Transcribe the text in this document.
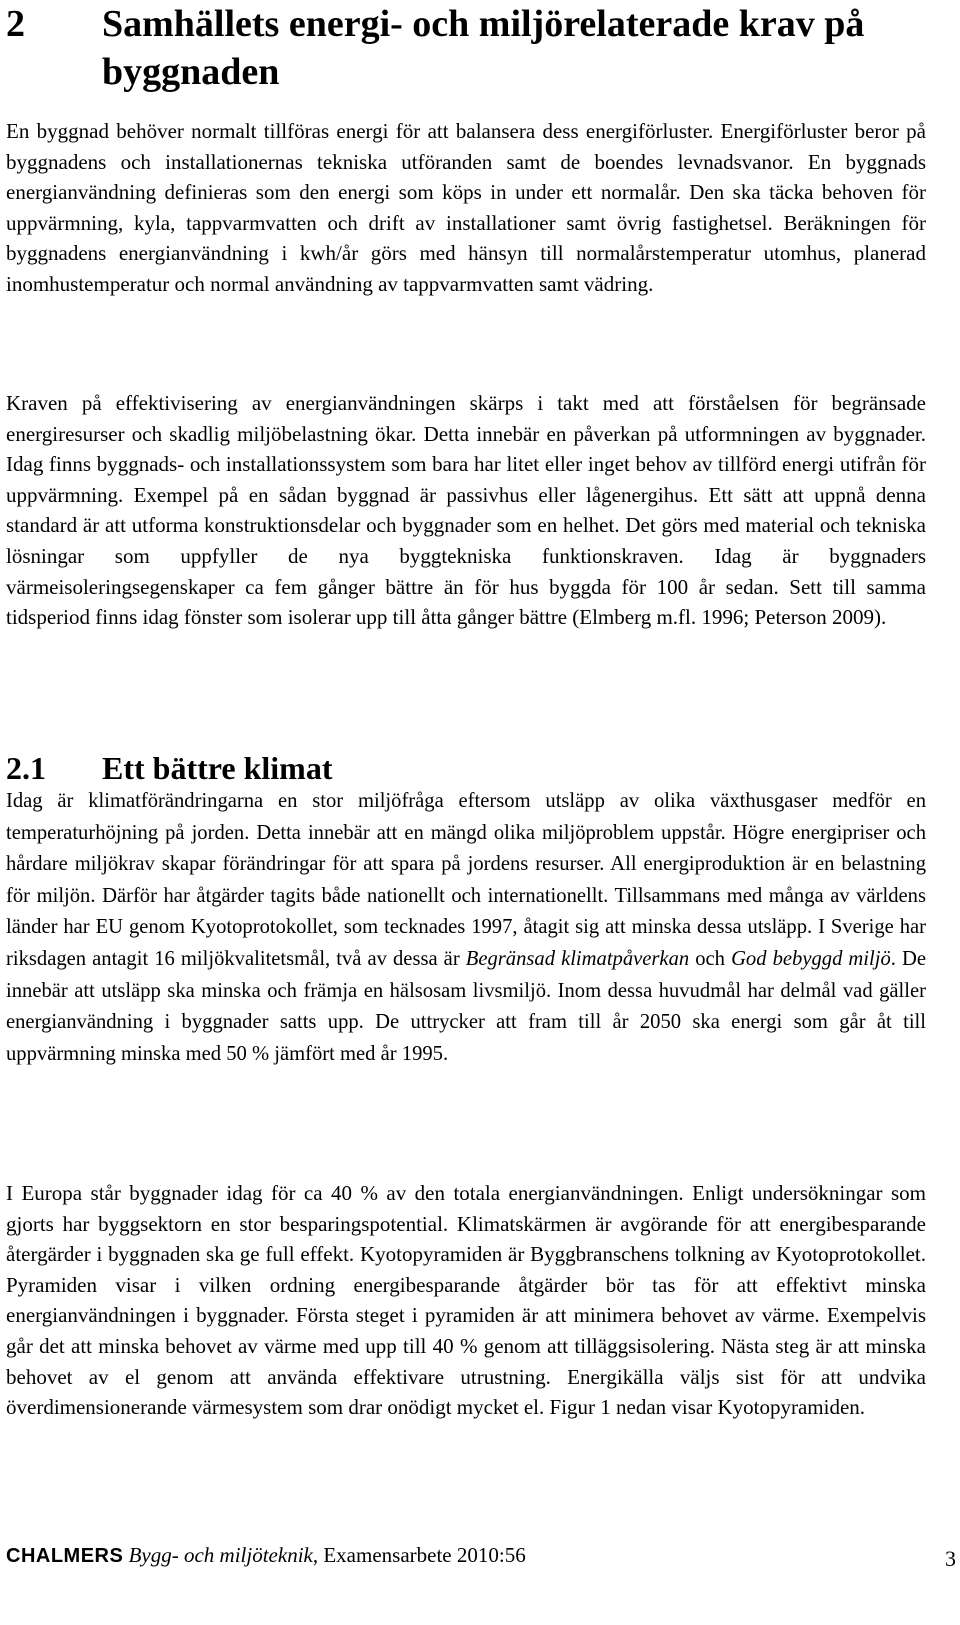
2 Samhällets energi- och miljörelaterade krav på byggnaden
En byggnad behöver normalt tillföras energi för att balansera dess energiförluster. Energiförluster beror på byggnadens och installationernas tekniska utföranden samt de boendes levnadsvanor. En byggnads energianvändning definieras som den energi som köps in under ett normalår. Den ska täcka behoven för uppvärmning, kyla, tappvarmvatten och drift av installationer samt övrig fastighetsel. Beräkningen för byggnadens energianvändning i kwh/år görs med hänsyn till normalårstemperatur utomhus, planerad inomhustemperatur och normal användning av tappvarmvatten samt vädring.
Kraven på effektivisering av energianvändningen skärps i takt med att förståelsen för begränsade energiresurser och skadlig miljöbelastning ökar. Detta innebär en påverkan på utformningen av byggnader. Idag finns byggnads- och installationssystem som bara har litet eller inget behov av tillförd energi utifrån för uppvärmning. Exempel på en sådan byggnad är passivhus eller lågenergihus. Ett sätt att uppnå denna standard är att utforma konstruktionsdelar och byggnader som en helhet. Det görs med material och tekniska lösningar som uppfyller de nya byggtekniska funktionskraven. Idag är byggnaders värmeisoleringsegenskaper ca fem gånger bättre än för hus byggda för 100 år sedan. Sett till samma tidsperiod finns idag fönster som isolerar upp till åtta gånger bättre (Elmberg m.fl. 1996; Peterson 2009).
2.1 Ett bättre klimat
Idag är klimatförändringarna en stor miljöfråga eftersom utsläpp av olika växthusgaser medför en temperaturhöjning på jorden. Detta innebär att en mängd olika miljöproblem uppstår. Högre energipriser och hårdare miljökrav skapar förändringar för att spara på jordens resurser. All energiproduktion är en belastning för miljön. Därför har åtgärder tagits både nationellt och internationellt. Tillsammans med många av världens länder har EU genom Kyotoprotokollet, som tecknades 1997, åtagit sig att minska dessa utsläpp. I Sverige har riksdagen antagit 16 miljökvalitetsmål, två av dessa är Begränsad klimatpåverkan och God bebyggd miljö. De innebär att utsläpp ska minska och främja en hälsosam livsmiljö. Inom dessa huvudmål har delmål vad gäller energianvändning i byggnader satts upp. De uttrycker att fram till år 2050 ska energi som går åt till uppvärmning minska med 50 % jämfört med år 1995.
I Europa står byggnader idag för ca 40 % av den totala energianvändningen. Enligt undersökningar som gjorts har byggsektorn en stor besparingspotential. Klimatskärmen är avgörande för att energibesparande återgärder i byggnaden ska ge full effekt. Kyotopyramiden är Byggbranschens tolkning av Kyotoprotokollet. Pyramiden visar i vilken ordning energibesparande åtgärder bör tas för att effektivt minska energianvändningen i byggnader. Första steget i pyramiden är att minimera behovet av värme. Exempelvis går det att minska behovet av värme med upp till 40 % genom att tilläggsisolering. Nästa steg är att minska behovet av el genom att använda effektivare utrustning. Energikälla väljs sist för att undvika överdimensionerande värmesystem som drar onödigt mycket el. Figur 1 nedan visar Kyotopyramiden.
CHALMERS Bygg- och miljöteknik, Examensarbete 2010:56	3
